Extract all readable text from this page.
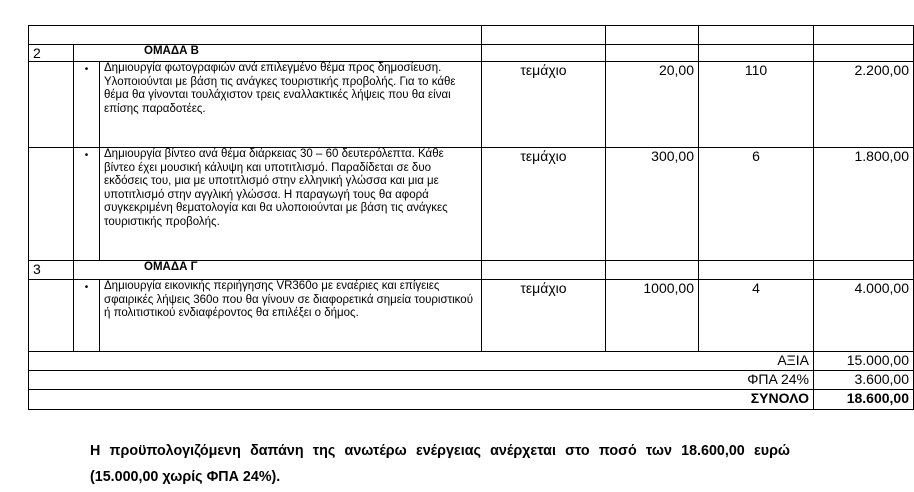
2	ΟΜΑΔΑ Β					
	•	Δημιουργία φωτογραφιών ανά επιλεγμένο θέμα προς δημοσίευση. Υλοποιούνται με βάση τις ανάγκες τουριστικής προβολής. Για το κάθε θέμα θα γίνονται τουλάχιστον τρεις εναλλακτικές λήψεις που θα είναι επίσης παραδοτέες.	τεμάχιο	20,00	110	2.200,00
	•	Δημιουργία βίντεο ανά θέμα διάρκειας 30 – 60 δευτερόλεπτα. Κάθε βίντεο έχει μουσική κάλυψη και υποτιτλισμό. Παραδίδεται σε δυο εκδόσεις του, μια με υποτιτλισμό στην ελληνική γλώσσα και μια με υποτιτλισμό στην αγγλική γλώσσα. Η παραγωγή τους θα αφορά συγκεκριμένη θεματολογία και θα υλοποιούνται με βάση τις ανάγκες τουριστικής προβολής.	τεμάχιο	300,00	6	1.800,00
3	ΟΜΑΔΑ Γ					
	•	Δημιουργία εικονικής περιήγησης VR360o με εναέριες και επίγειες σφαιρικές λήψεις 360ο που θα γίνουν σε διαφορετικά σημεία τουριστικού ή πολιτιστικού ενδιαφέροντος θα επιλέξει ο δήμος.	τεμάχιο	1000,00	4	4.000,00
ΑΞΙΑ						15.000,00
ΦΠΑ 24%						3.600,00
ΣΥΝΟΛΟ						18.600,00

Η προϋπολογιζόμενη δαπάνη της ανωτέρω ενέργειας ανέρχεται στο ποσό των 18.600,00 ευρώ (15.000,00 χωρίς ΦΠΑ 24%).
